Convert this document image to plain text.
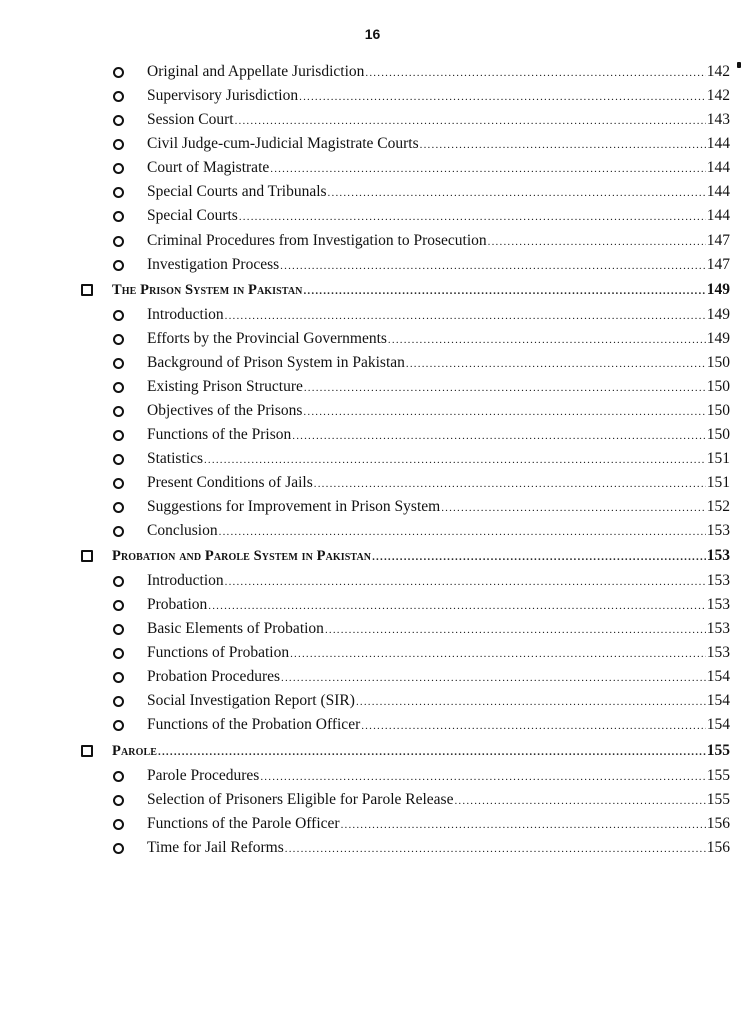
16
Original and Appellate Jurisdiction .....	142
Supervisory Jurisdiction .....	142
Session Court .....	143
Civil Judge-cum-Judicial Magistrate Courts .....	144
Court of Magistrate .....	144
Special Courts and Tribunals .....	144
Special Courts .....	144
Criminal Procedures from Investigation to Prosecution .....	147
Investigation Process .....	147
The Prison System in Pakistan .....	149
Introduction .....	149
Efforts by the Provincial Governments .....	149
Background of Prison System in Pakistan .....	150
Existing Prison Structure .....	150
Objectives of the Prisons .....	150
Functions of the Prison .....	150
Statistics .....	151
Present Conditions of Jails .....	151
Suggestions for Improvement in Prison System .....	152
Conclusion .....	153
Probation and Parole System in Pakistan .....	153
Introduction .....	153
Probation .....	153
Basic Elements of Probation .....	153
Functions of Probation .....	153
Probation Procedures .....	154
Social Investigation Report (SIR) .....	154
Functions of the Probation Officer .....	154
Parole .....	155
Parole Procedures .....	155
Selection of Prisoners Eligible for Parole Release .....	155
Functions of the Parole Officer .....	156
Time for Jail Reforms .....	156
